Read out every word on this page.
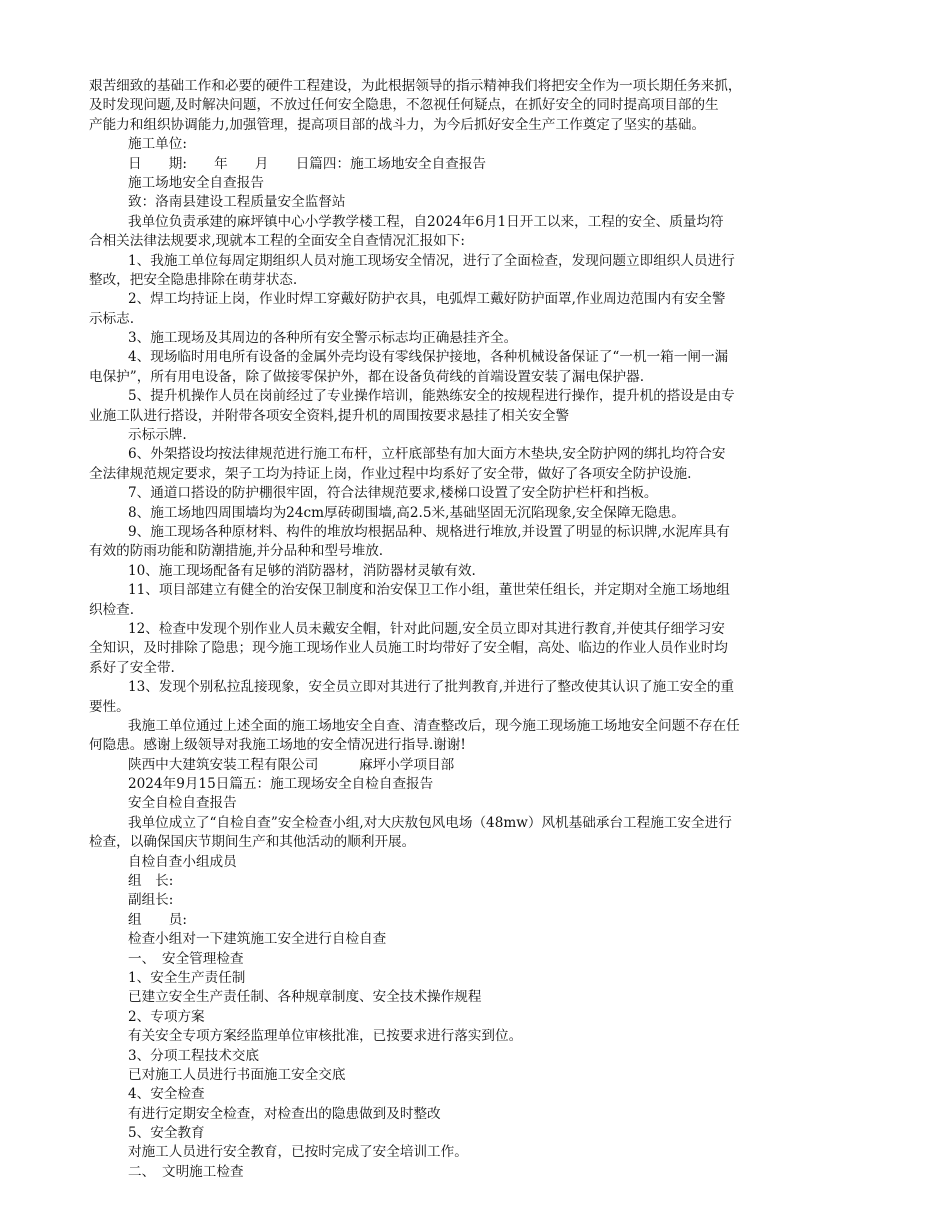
艰苦细致的基础工作和必要的硬件工程建设，为此根据领导的指示精神我们将把安全作为一项长期任务来抓，
及时发现问题,及时解决问题，不放过任何安全隐患，不忽视任何疑点，在抓好安全的同时提高项目部的生
产能力和组织协调能力,加强管理，提高项目部的战斗力，为今后抓好安全生产工作奠定了坚实的基础。
施工单位:
日　　期:　　年　　月　　日篇四：施工场地安全自查报告
施工场地安全自查报告
致：洛南县建设工程质量安全监督站
我单位负责承建的麻坪镇中心小学教学楼工程，自2024年6月1日开工以来，工程的安全、质量均符
合相关法律法规要求,现就本工程的全面安全自查情况汇报如下:
1、我施工单位每周定期组织人员对施工现场安全情况，进行了全面检查，发现问题立即组织人员进行
整改，把安全隐患排除在萌芽状态.
2、焊工均持证上岗，作业时焊工穿戴好防护衣具，电弧焊工戴好防护面罩,作业周边范围内有安全警
示标志.
3、施工现场及其周边的各种所有安全警示标志均正确悬挂齐全。
4、现场临时用电所有设备的金属外壳均设有零线保护接地，各种机械设备保证了“一机一箱一闸一漏
电保护”，所有用电设备，除了做接零保护外，都在设备负荷线的首端设置安装了漏电保护器.
5、提升机操作人员在岗前经过了专业操作培训，能熟练安全的按规程进行操作，提升机的搭设是由专
业施工队进行搭设，并附带各项安全资料,提升机的周围按要求悬挂了相关安全警
示标示牌.
6、外架搭设均按法律规范进行施工布杆，立杆底部垫有加大面方木垫块,安全防护网的绑扎均符合安
全法律规范规定要求，架子工均为持证上岗，作业过程中均系好了安全带，做好了各项安全防护设施.
7、通道口搭设的防护棚很牢固，符合法律规范要求,楼梯口设置了安全防护栏杆和挡板。
8、施工场地四周围墙均为24cm厚砖砌围墙,高2.5米,基础坚固无沉陷现象,安全保障无隐患。
9、施工现场各种原材料、构件的堆放均根据品种、规格进行堆放,并设置了明显的标识牌,水泥库具有
有效的防雨功能和防潮措施,并分品种和型号堆放.
10、施工现场配备有足够的消防器材，消防器材灵敏有效.
11、项目部建立有健全的治安保卫制度和治安保卫工作小组，董世荣任组长，并定期对全施工场地组
织检查.
12、检查中发现个别作业人员未戴安全帽，针对此问题,安全员立即对其进行教育,并使其仔细学习安
全知识，及时排除了隐患；现今施工现场作业人员施工时均带好了安全帽，高处、临边的作业人员作业时均
系好了安全带.
13、发现个别私拉乱接现象，安全员立即对其进行了批判教育,并进行了整改使其认识了施工安全的重
要性。
我施工单位通过上述全面的施工场地安全自查、清查整改后，现今施工现场施工场地安全问题不存在任
何隐患。感谢上级领导对我施工场地的安全情况进行指导.谢谢!
陕西中大建筑安装工程有限公司　　　麻坪小学项目部
2024年9月15日篇五：施工现场安全自检自查报告
安全自检自查报告
我单位成立了“自检自查”安全检查小组,对大庆敖包风电场（48mw）风机基础承台工程施工安全进行
检查，以确保国庆节期间生产和其他活动的顺利开展。
自检自查小组成员
组　长:
副组长:
组　　员:
检查小组对一下建筑施工安全进行自检自查
一、　安全管理检查
1、安全生产责任制
已建立安全生产责任制、各种规章制度、安全技术操作规程
2、专项方案
有关安全专项方案经监理单位审核批准，已按要求进行落实到位。
3、分项工程技术交底
已对施工人员进行书面施工安全交底
4、安全检查
有进行定期安全检查，对检查出的隐患做到及时整改
5、安全教育
对施工人员进行安全教育，已按时完成了安全培训工作。
二、　文明施工检查
